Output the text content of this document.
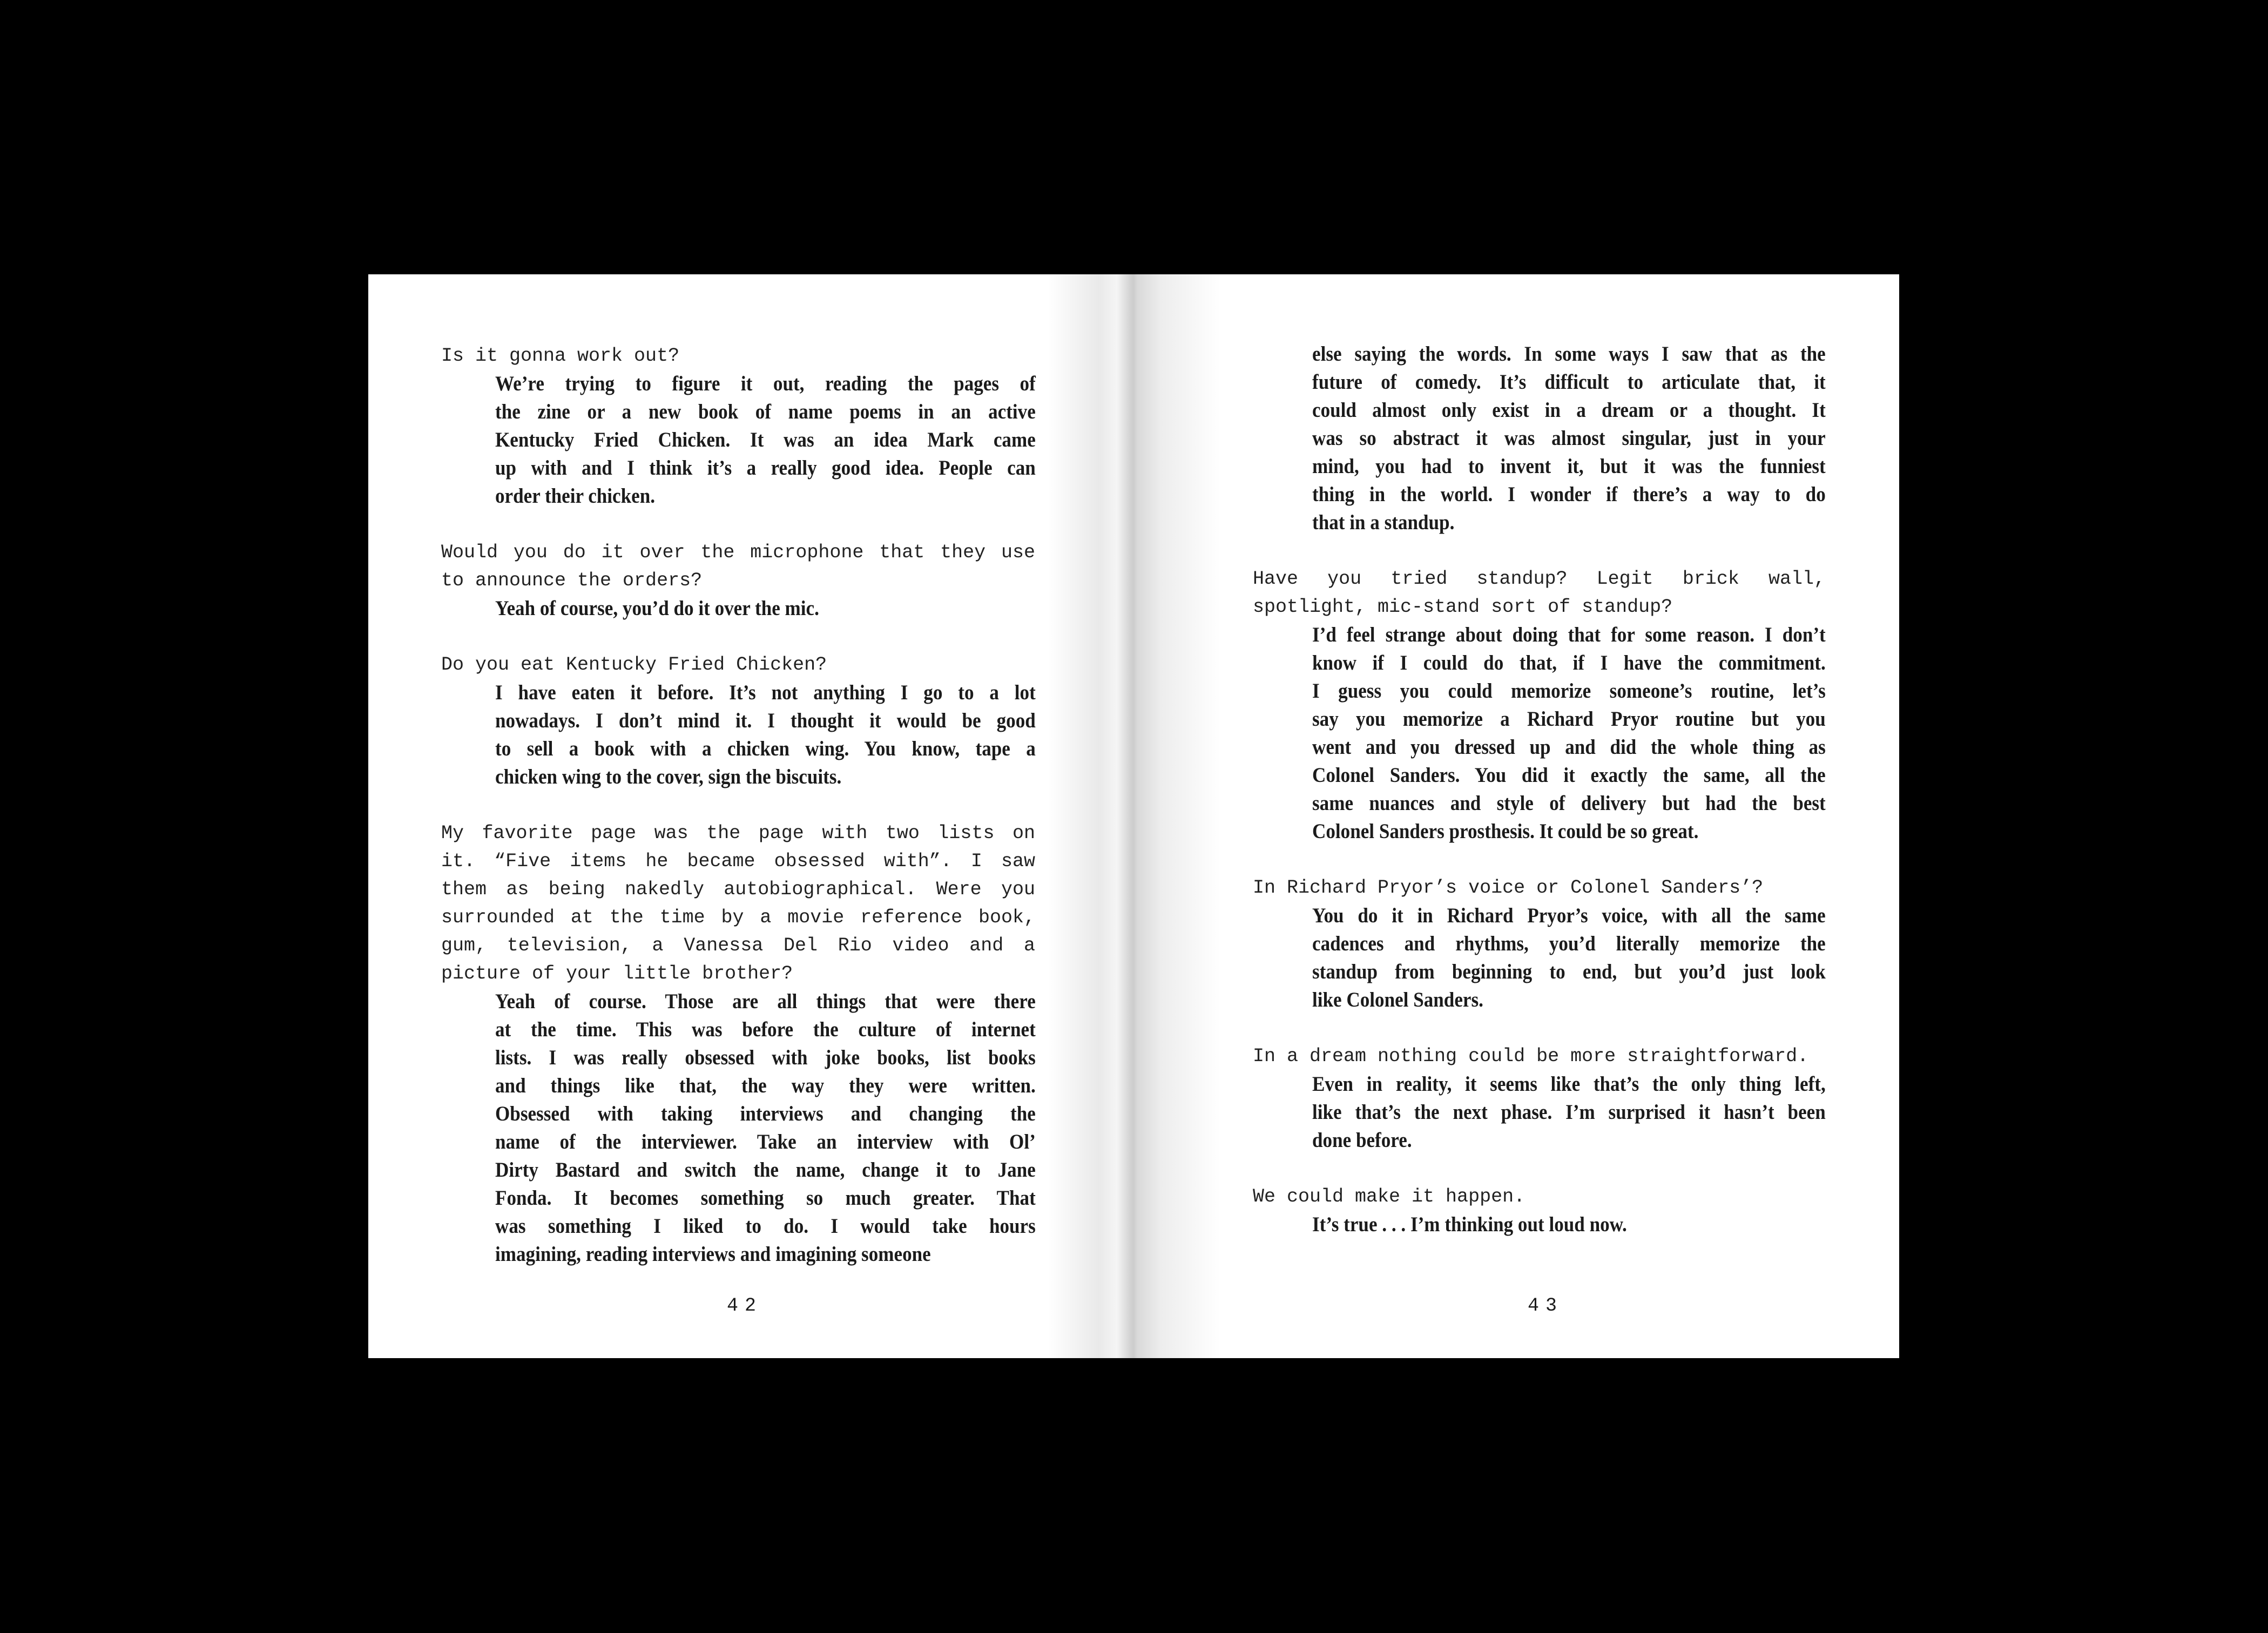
Is it gonna work out?
We’re trying to figure it out, reading the pages of
the zine or a new book of name poems in an active
Kentucky Fried Chicken. It was an idea Mark came
up with and I think it’s a really good idea. People can
order their chicken.
Would you do it over the microphone that they use
to announce the orders?
Yeah of course, you’d do it over the mic.
Do you eat Kentucky Fried Chicken?
I have eaten it before. It’s not anything I go to a lot
nowadays. I don’t mind it. I thought it would be good
to sell a book with a chicken wing. You know, tape a
chicken wing to the cover, sign the biscuits.
My favorite page was the page with two lists on
it. “Five items he became obsessed with”. I saw
them as being nakedly autobiographical. Were you
surrounded at the time by a movie reference book,
gum, television, a Vanessa Del Rio video and a
picture of your little brother?
Yeah of course. Those are all things that were there
at the time. This was before the culture of internet
lists. I was really obsessed with joke books, list books
and things like that, the way they were written.
Obsessed with taking interviews and changing the
name of the interviewer. Take an interview with Ol’
Dirty Bastard and switch the name, change it to Jane
Fonda. It becomes something so much greater. That
was something I liked to do. I would take hours
imagining, reading interviews and imagining someone
42
else saying the words. In some ways I saw that as the
future of comedy. It’s difficult to articulate that, it
could almost only exist in a dream or a thought. It
was so abstract it was almost singular, just in your
mind, you had to invent it, but it was the funniest
thing in the world. I wonder if there’s a way to do
that in a standup.
Have you tried standup? Legit brick wall,
spotlight, mic-stand sort of standup?
I’d feel strange about doing that for some reason. I don’t
know if I could do that, if I have the commitment.
I guess you could memorize someone’s routine, let’s
say you memorize a Richard Pryor routine but you
went and you dressed up and did the whole thing as
Colonel Sanders. You did it exactly the same, all the
same nuances and style of delivery but had the best
Colonel Sanders prosthesis. It could be so great.
In Richard Pryor’s voice or Colonel Sanders’?
You do it in Richard Pryor’s voice, with all the same
cadences and rhythms, you’d literally memorize the
standup from beginning to end, but you’d just look
like Colonel Sanders.
In a dream nothing could be more straightforward.
Even in reality, it seems like that’s the only thing left,
like that’s the next phase. I’m surprised it hasn’t been
done before.
We could make it happen.
It’s true . . . I’m thinking out loud now.
43
